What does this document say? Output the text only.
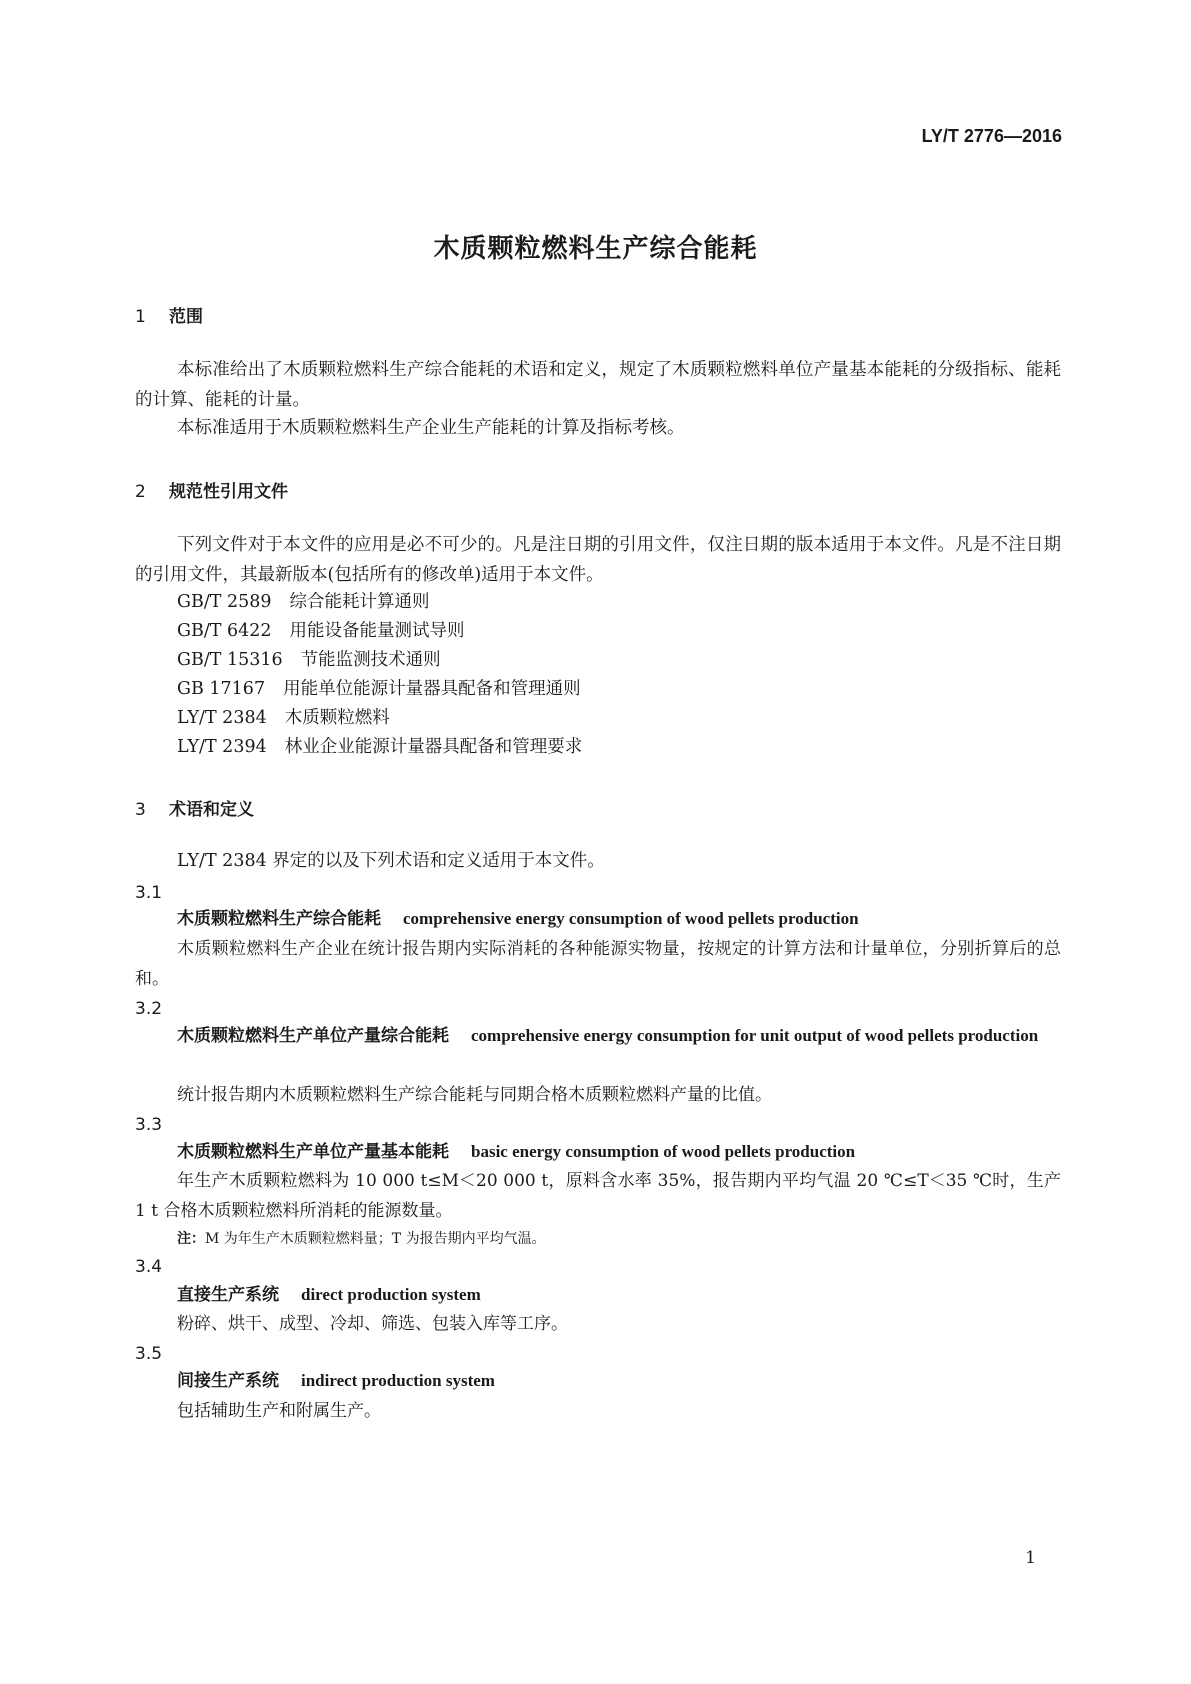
LY/T 2776—2016
木质颗粒燃料生产综合能耗
1 范围
本标准给出了木质颗粒燃料生产综合能耗的术语和定义，规定了木质颗粒燃料单位产量基本能耗的分级指标、能耗的计算、能耗的计量。
本标准适用于木质颗粒燃料生产企业生产能耗的计算及指标考核。
2 规范性引用文件
下列文件对于本文件的应用是必不可少的。凡是注日期的引用文件，仅注日期的版本适用于本文件。凡是不注日期的引用文件，其最新版本(包括所有的修改单)适用于本文件。
GB/T 2589 综合能耗计算通则
GB/T 6422 用能设备能量测试导则
GB/T 15316 节能监测技术通则
GB 17167 用能单位能源计量器具配备和管理通则
LY/T 2384 木质颗粒燃料
LY/T 2394 林业企业能源计量器具配备和管理要求
3 术语和定义
LY/T 2384 界定的以及下列术语和定义适用于本文件。
3.1
木质颗粒燃料生产综合能耗 comprehensive energy consumption of wood pellets production
木质颗粒燃料生产企业在统计报告期内实际消耗的各种能源实物量，按规定的计算方法和计量单位，分别折算后的总和。
3.2
木质颗粒燃料生产单位产量综合能耗 comprehensive energy consumption for unit output of wood pellets production
统计报告期内木质颗粒燃料生产综合能耗与同期合格木质颗粒燃料产量的比值。
3.3
木质颗粒燃料生产单位产量基本能耗 basic energy consumption of wood pellets production
年生产木质颗粒燃料为 10 000 t≤M＜20 000 t，原料含水率 35%，报告期内平均气温 20 ℃≤T＜35 ℃时，生产 1 t 合格木质颗粒燃料所消耗的能源数量。
注：M 为年生产木质颗粒燃料量；T 为报告期内平均气温。
3.4
直接生产系统 direct production system
粉碎、烘干、成型、冷却、筛选、包装入库等工序。
3.5
间接生产系统 indirect production system
包括辅助生产和附属生产。
1
